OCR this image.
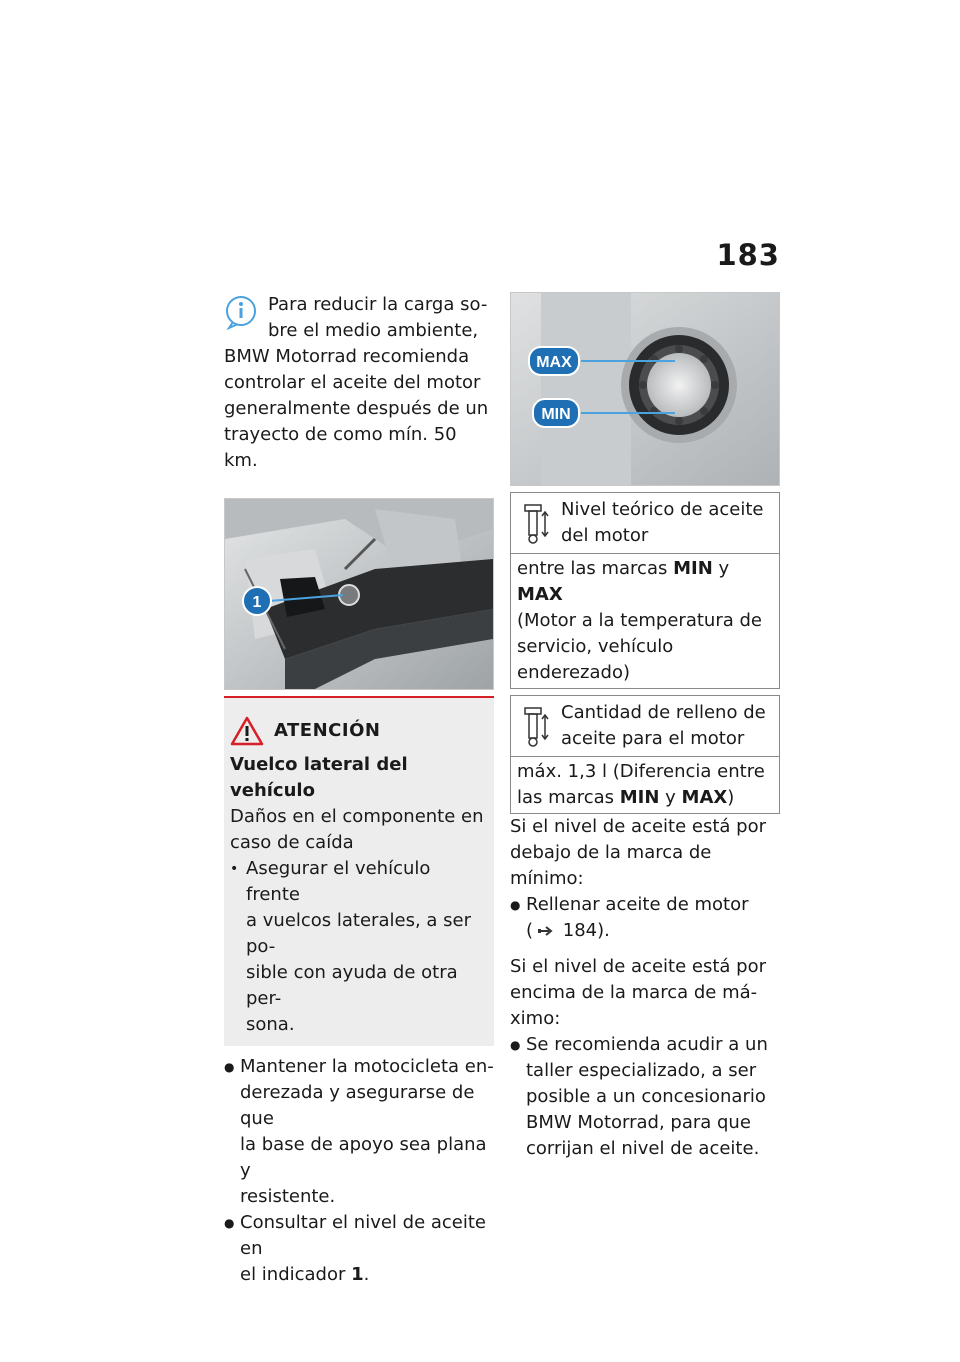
183
Para reducir la carga so-
bre el medio ambiente,
BMW Motorrad recomienda
controlar el aceite del motor
generalmente después de un
trayecto de como mín. 50 km.
1
ATENCIÓN

Vuelco lateral del vehículo

Daños en el componente en

caso de caída

• Asegurar el vehículo frente
a vuelcos laterales, a ser po-
sible con ayuda de otra per-
sona.
● Mantener la motocicleta en-
derezada y asegurarse de que
la base de apoyo sea plana y
resistente.
● Consultar el nivel de aceite en
el indicador 1.
MAX
MIN

Nivel teórico de aceite

del motor

entre las marcas MIN y MAX

(Motor a la temperatura de

servicio, vehículo enderezado)

Cantidad de relleno de

aceite para el motor

máx. 1,3 l (Diferencia entre

las marcas MIN y MAX)

Si el nivel de aceite está por

debajo de la marca de mínimo:

● Rellenar aceite de motor
( 184).

Si el nivel de aceite está por

encima de la marca de má-

ximo:

● Se recomienda acudir a un
taller especializado, a ser
posible a un concesionario
BMW Motorrad, para que
corrijan el nivel de aceite.
